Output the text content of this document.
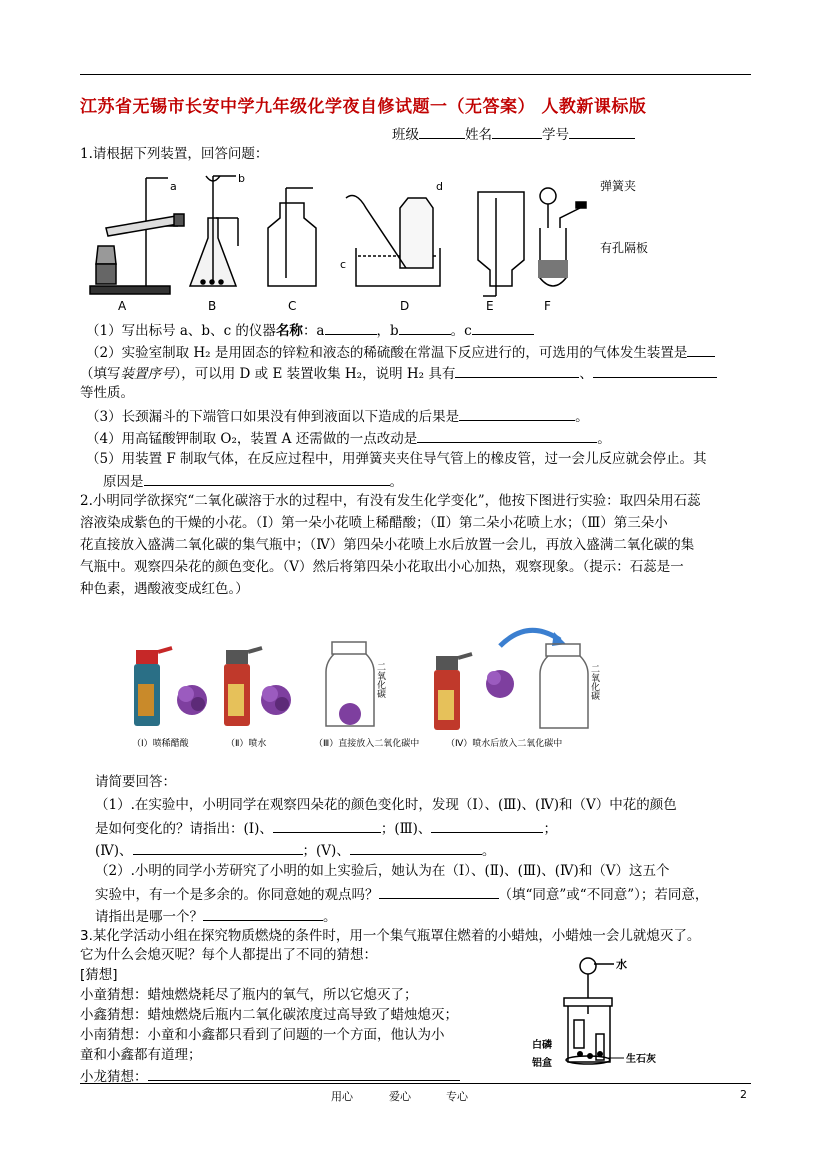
江苏省无锡市长安中学九年级化学夜自修试题一（无答案） 人教新课标版
班级	姓名	学号
1.请根据下列装置，回答问题：
a
A
b
B	C
d
c
D	E
弹簧夹
有孔隔板
F
（1）写出标号 a、b、c 的仪器名称：a	，b	。c
（2）实验室制取 H₂ 是用固态的锌粒和液态的稀硫酸在常温下反应进行的，可选用的气体发生装置是
（填写装置序号），可以用 D 或 E 装置收集 H₂，说明 H₂ 具有	、
等性质。
（3）长颈漏斗的下端管口如果没有伸到液面以下造成的后果是	。
（4）用高锰酸钾制取 O₂，装置 A 还需做的一点改动是	。
（5）用装置 F 制取气体，在反应过程中，用弹簧夹夹住导气管上的橡皮管，过一会儿反应就会停止。其
原因是	。
2.小明同学欲探究“二氧化碳溶于水的过程中，有没有发生化学变化”，他按下图进行实验：取四朵用石蕊
溶液染成紫色的干燥的小花。（Ⅰ）第一朵小花喷上稀醋酸；（Ⅱ）第二朵小花喷上水；（Ⅲ）第三朵小
花直接放入盛满二氧化碳的集气瓶中；（Ⅳ）第四朵小花喷上水后放置一会儿，再放入盛满二氧化碳的集
气瓶中。观察四朵花的颜色变化。（Ⅴ）然后将第四朵小花取出小心加热，观察现象。（提示：石蕊是一
种色素，遇酸液变成红色。）
二氧化碳	二氧化碳
（Ⅰ）喷稀醋酸	（Ⅱ）喷水	（Ⅲ）直接放入二氧化碳中	（Ⅳ）喷水后放入二氧化碳中
请简要回答：
（1）.在实验中，小明同学在观察四朵花的颜色变化时，发现（Ⅰ）、(Ⅲ)、(Ⅳ)和（Ⅴ）中花的颜色
是如何变化的？请指出：(Ⅰ)、	；(Ⅲ)、	；
(Ⅳ)、	；(Ⅴ)、	。
（2）.小明的同学小芳研究了小明的如上实验后，她认为在（Ⅰ）、(Ⅱ)、(Ⅲ)、(Ⅳ)和（Ⅴ）这五个
实验中，有一个是多余的。你同意她的观点吗？	（填“同意”或“不同意”）；若同意，
请指出是哪一个？	。
3.某化学活动小组在探究物质燃烧的条件时，用一个集气瓶罩住燃着的小蜡烛，小蜡烛一会儿就熄灭了。
它为什么会熄灭呢？每个人都提出了不同的猜想：
[猜想]
小童猜想：蜡烛燃烧耗尽了瓶内的氧气，所以它熄灭了；
小鑫猜想：蜡烛燃烧后瓶内二氧化碳浓度过高导致了蜡烛熄灭；
小南猜想：小童和小鑫都只看到了问题的一个方面，他认为小
童和小鑫都有道理；
小龙猜想：
水
白磷
铝盒	生石灰
用心	爱心	专心	2
